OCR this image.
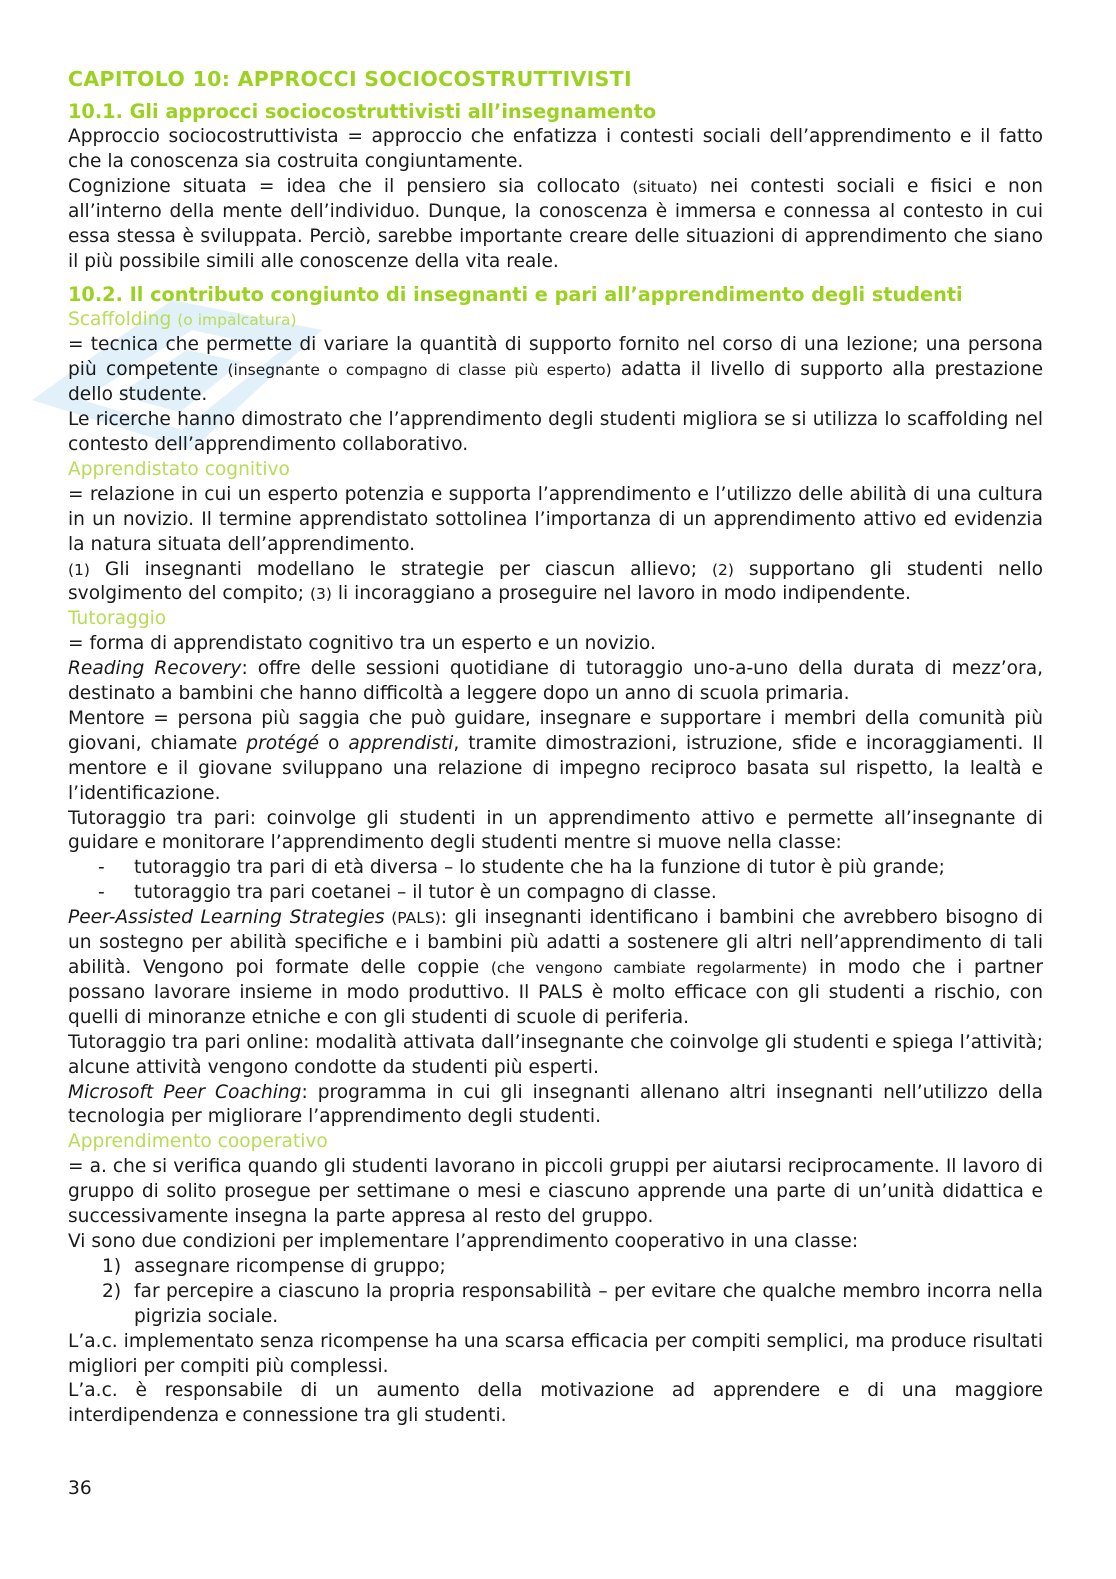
CAPITOLO 10: APPROCCI SOCIOCOSTRUTTIVISTI
10.1. Gli approcci sociocostruttivisti all’insegnamento

Approccio sociocostruttivista = approccio che enfatizza i contesti sociali dell’apprendimento e il fatto che la conoscenza sia costruita congiuntamente.

Cognizione situata = idea che il pensiero sia collocato (situato) nei contesti sociali e fisici e non all’interno della mente dell’individuo. Dunque, la conoscenza è immersa e connessa al contesto in cui essa stessa è sviluppata. Perciò, sarebbe importante creare delle situazioni di apprendimento che siano il più possibile simili alle conoscenze della vita reale.

10.2. Il contributo congiunto di insegnanti e pari all’apprendimento degli studenti
Scaffolding (o impalcatura)

= tecnica che permette di variare la quantità di supporto fornito nel corso di una lezione; una persona più competente (insegnante o compagno di classe più esperto) adatta il livello di supporto alla prestazione dello studente.

Le ricerche hanno dimostrato che l’apprendimento degli studenti migliora se si utilizza lo scaffolding nel contesto dell’apprendimento collaborativo.

Apprendistato cognitivo

= relazione in cui un esperto potenzia e supporta l’apprendimento e l’utilizzo delle abilità di una cultura in un novizio. Il termine apprendistato sottolinea l’importanza di un apprendimento attivo ed evidenzia la natura situata dell’apprendimento.

(1) Gli insegnanti modellano le strategie per ciascun allievo; (2) supportano gli studenti nello svolgimento del compito; (3) li incoraggiano a proseguire nel lavoro in modo indipendente.

Tutoraggio

= forma di apprendistato cognitivo tra un esperto e un novizio.

Reading Recovery: offre delle sessioni quotidiane di tutoraggio uno-a-uno della durata di mezz’ora, destinato a bambini che hanno difficoltà a leggere dopo un anno di scuola primaria.

Mentore = persona più saggia che può guidare, insegnare e supportare i membri della comunità più giovani, chiamate protégé o apprendisti, tramite dimostrazioni, istruzione, sfide e incoraggiamenti. Il mentore e il giovane sviluppano una relazione di impegno reciproco basata sul rispetto, la lealtà e l’identificazione.

Tutoraggio tra pari: coinvolge gli studenti in un apprendimento attivo e permette all’insegnante di guidare e monitorare l’apprendimento degli studenti mentre si muove nella classe:

- tutoraggio tra pari di età diversa – lo studente che ha la funzione di tutor è più grande;
- tutoraggio tra pari coetanei – il tutor è un compagno di classe.

Peer-Assisted Learning Strategies (PALS): gli insegnanti identificano i bambini che avrebbero bisogno di un sostegno per abilità specifiche e i bambini più adatti a sostenere gli altri nell’apprendimento di tali abilità. Vengono poi formate delle coppie (che vengono cambiate regolarmente) in modo che i partner possano lavorare insieme in modo produttivo. Il PALS è molto efficace con gli studenti a rischio, con quelli di minoranze etniche e con gli studenti di scuole di periferia.

Tutoraggio tra pari online: modalità attivata dall’insegnante che coinvolge gli studenti e spiega l’attività; alcune attività vengono condotte da studenti più esperti.

Microsoft Peer Coaching: programma in cui gli insegnanti allenano altri insegnanti nell’utilizzo della tecnologia per migliorare l’apprendimento degli studenti.

Apprendimento cooperativo

= a. che si verifica quando gli studenti lavorano in piccoli gruppi per aiutarsi reciprocamente. Il lavoro di gruppo di solito prosegue per settimane o mesi e ciascuno apprende una parte di un’unità didattica e successivamente insegna la parte appresa al resto del gruppo.

Vi sono due condizioni per implementare l’apprendimento cooperativo in una classe:

1) assegnare ricompense di gruppo;
2) far percepire a ciascuno la propria responsabilità – per evitare che qualche membro incorra nella pigrizia sociale.

L’a.c. implementato senza ricompense ha una scarsa efficacia per compiti semplici, ma produce risultati migliori per compiti più complessi.

L’a.c. è responsabile di un aumento della motivazione ad apprendere e di una maggiore interdipendenza e connessione tra gli studenti.

36
